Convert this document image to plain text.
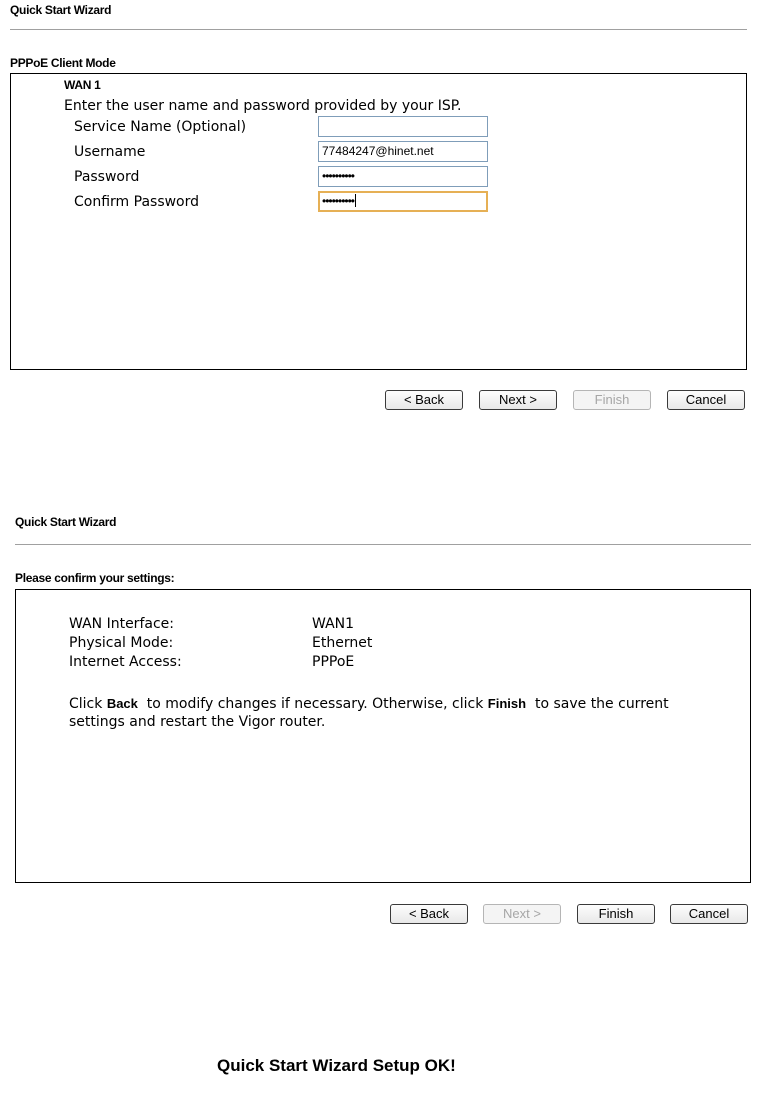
Quick Start Wizard
PPPoE Client Mode
WAN 1
Enter the user name and password provided by your ISP.
Service Name (Optional)
Username	77484247@hinet.net
Password	••••••••••
Confirm Password	••••••••••
< Back	Next >	Finish	Cancel
Quick Start Wizard
Please confirm your settings:
WAN Interface:	WAN1
Physical Mode:	Ethernet
Internet Access:	PPPoE
Click Back  to modify changes if necessary. Otherwise, click Finish  to save the current
settings and restart the Vigor router.
< Back	Next >	Finish	Cancel
Quick Start Wizard Setup OK!
